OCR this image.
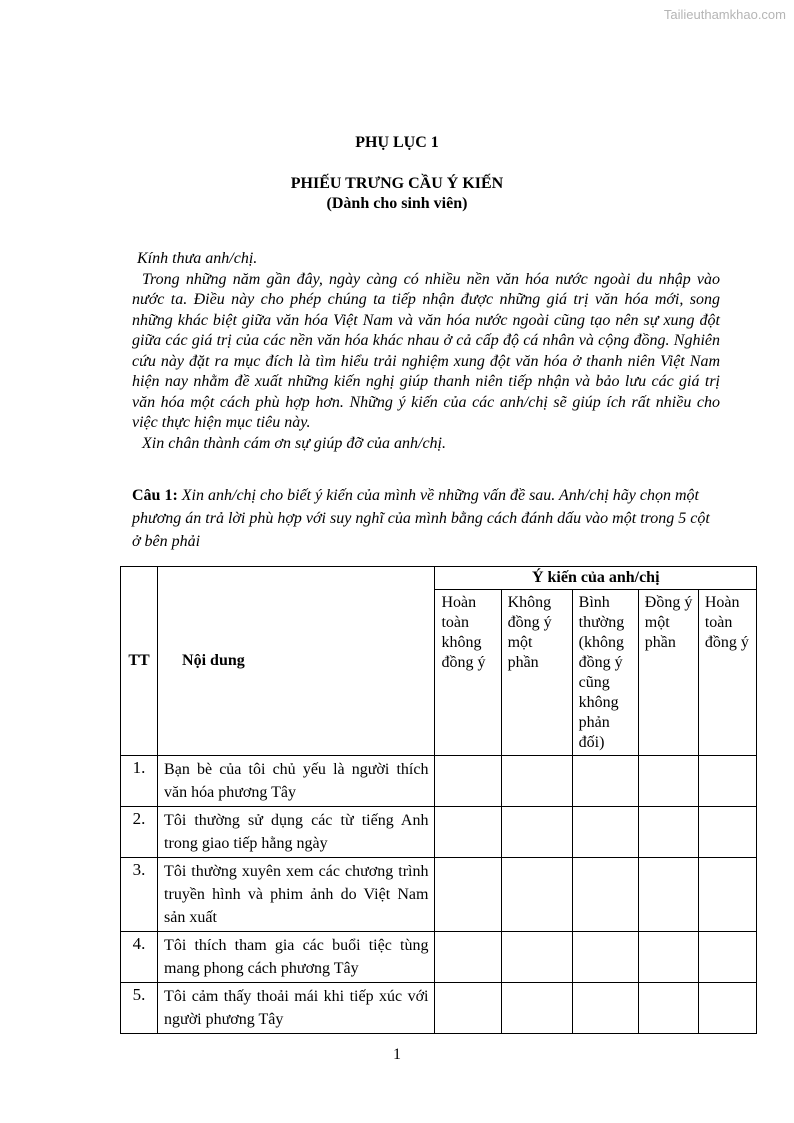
Tailieuthamkhao.com
PHỤ LỤC 1
PHIẾU TRƯNG CẦU Ý KIẾN
(Dành cho sinh viên)

Kính thưa anh/chị.

Trong những năm gần đây, ngày càng có nhiều nền văn hóa nước ngoài du nhập vào nước ta. Điều này cho phép chúng ta tiếp nhận được những giá trị văn hóa mới, song những khác biệt giữa văn hóa Việt Nam và văn hóa nước ngoài cũng tạo nên sự xung đột giữa các giá trị của các nền văn hóa khác nhau ở cả cấp độ cá nhân và cộng đồng. Nghiên cứu này đặt ra mục đích là tìm hiểu trải nghiệm xung đột văn hóa ở thanh niên Việt Nam hiện nay nhằm đề xuất những kiến nghị giúp thanh niên tiếp nhận và bảo lưu các giá trị văn hóa một cách phù hợp hơn. Những ý kiến của các anh/chị sẽ giúp ích rất nhiều cho việc thực hiện mục tiêu này.

Xin chân thành cám ơn sự giúp đỡ của anh/chị.

Câu 1: Xin anh/chị cho biết ý kiến của mình về những vấn đề sau. Anh/chị hãy chọn một phương án trả lời phù hợp với suy nghĩ của mình bằng cách đánh dấu vào một trong 5 cột ở bên phải
TT	Nội dung	Ý kiến của anh/chị				
		Hoàn toàn không đồng ý	Không đồng ý một phần	Bình thường (không đồng ý cũng không phản đối)	Đồng ý một phần	Hoàn toàn đồng ý
1.	Bạn bè của tôi chủ yếu là người thích văn hóa phương Tây					
2.	Tôi thường sử dụng các từ tiếng Anh trong giao tiếp hằng ngày					
3.	Tôi thường xuyên xem các chương trình truyền hình và phim ảnh do Việt Nam sản xuất					
4.	Tôi thích tham gia các buổi tiệc tùng mang phong cách phương Tây					
5.	Tôi cảm thấy thoải mái khi tiếp xúc với người phương Tây					
1
